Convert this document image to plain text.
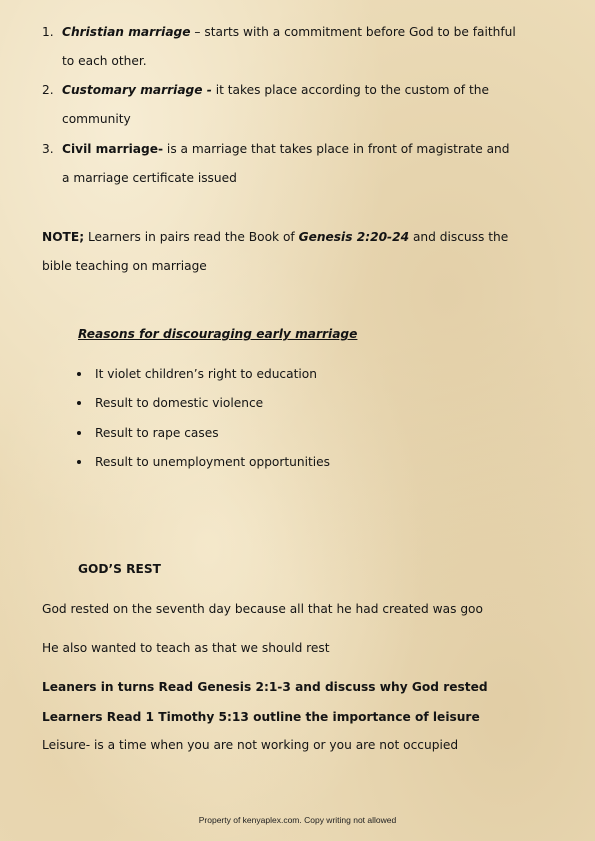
1. Christian marriage – starts with a commitment before God to be faithful
to each other.
2. Customary marriage - it takes place according to the custom of the
community
3. Civil marriage- is a marriage that takes place in front of magistrate and
a marriage certificate issued
NOTE; Learners in pairs read the Book of Genesis 2:20-24 and discuss the
bible teaching on marriage
Reasons for discouraging early marriage
It violet children’s right to education
Result to domestic violence
Result to rape cases
Result to unemployment opportunities
GOD’S REST
God rested on the seventh day because all that he had created was goo
He also wanted to teach as that we should rest
Leaners in turns Read Genesis 2:1-3 and discuss why God rested
Learners Read 1 Timothy 5:13 outline the importance of leisure
Leisure- is a time when you are not working or you are not occupied
Property of kenyaplex.com. Copy writing not allowed
